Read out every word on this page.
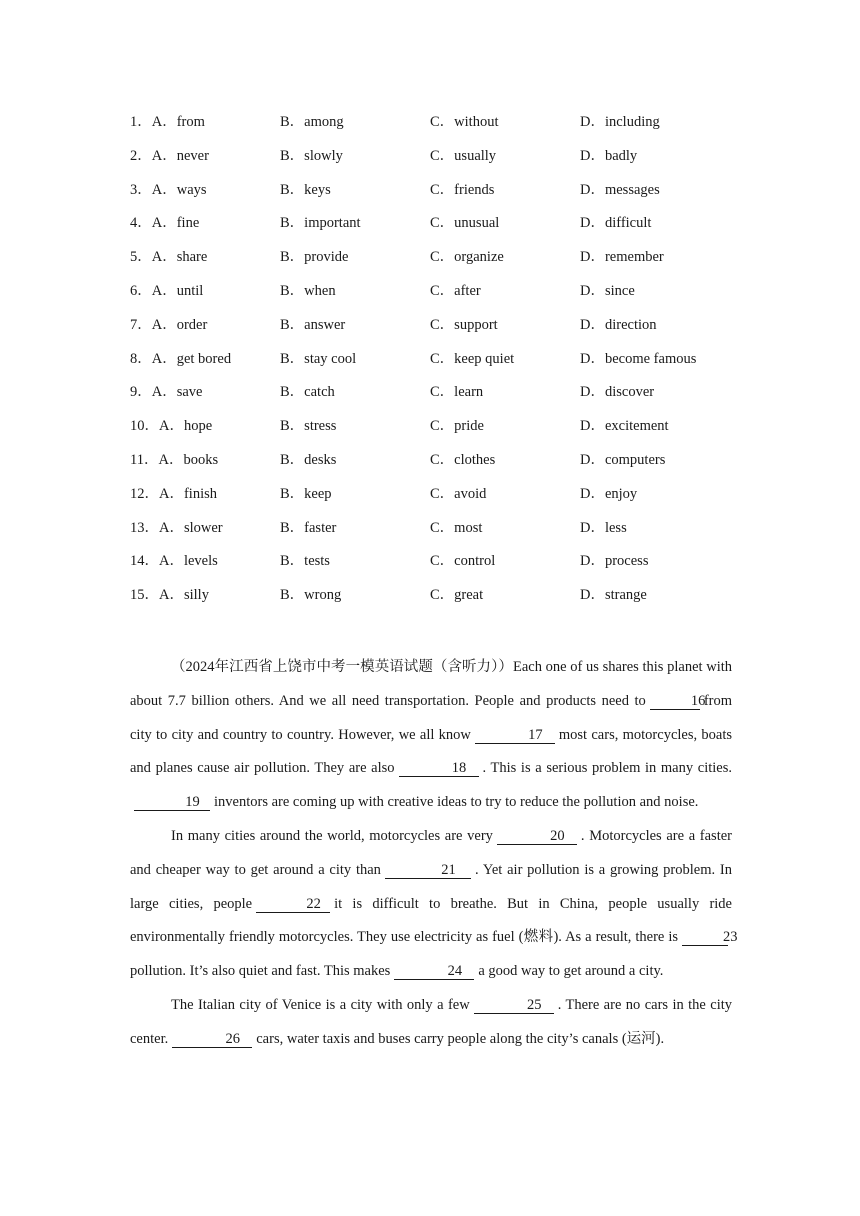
1．A．from	B．among	C．without	D．including
2．A．never	B．slowly	C．usually	D．badly
3．A．ways	B．keys	C．friends	D．messages
4．A．fine	B．important	C．unusual	D．difficult
5．A．share	B．provide	C．organize	D．remember
6．A．until	B．when	C．after	D．since
7．A．order	B．answer	C．support	D．direction
8．A．get bored	B．stay cool	C．keep quiet	D．become famous
9．A．save	B．catch	C．learn	D．discover
10．A．hope	B．stress	C．pride	D．excitement
11．A．books	B．desks	C．clothes	D．computers
12．A．finish	B．keep	C．avoid	D．enjoy
13．A．slower	B．faster	C．most	D．less
14．A．levels	B．tests	C．control	D．process
15．A．silly	B．wrong	C．great	D．strange

（2024年江西省上饶市中考一模英语试题（含听力））Each one of us shares this planet with about 7.7 billion others. And we all need transportation. People and products need to	16from city to city and country to country. However, we all know	17 most cars, motorcycles, boats and planes cause air pollution. They are also	18 . This is a serious problem in many cities.19 inventors are coming up with creative ideas to try to reduce the pollution and noise.

In many cities around the world, motorcycles are very	20 . Motorcycles are a faster and cheaper way to get around a city than	21 . Yet air pollution is a growing problem. In large cities, people	22 it is difficult to breathe. But in China, people usually ride environmentally friendly motorcycles. They use electricity as fuel (燃料). As a result, there is	23pollution. It’s also quiet and fast. This makes	24 a good way to get around a city.

The Italian city of Venice is a city with only a few	25 . There are no cars in the city center.	26 cars, water taxis and buses carry people along the city’s canals (运河).
